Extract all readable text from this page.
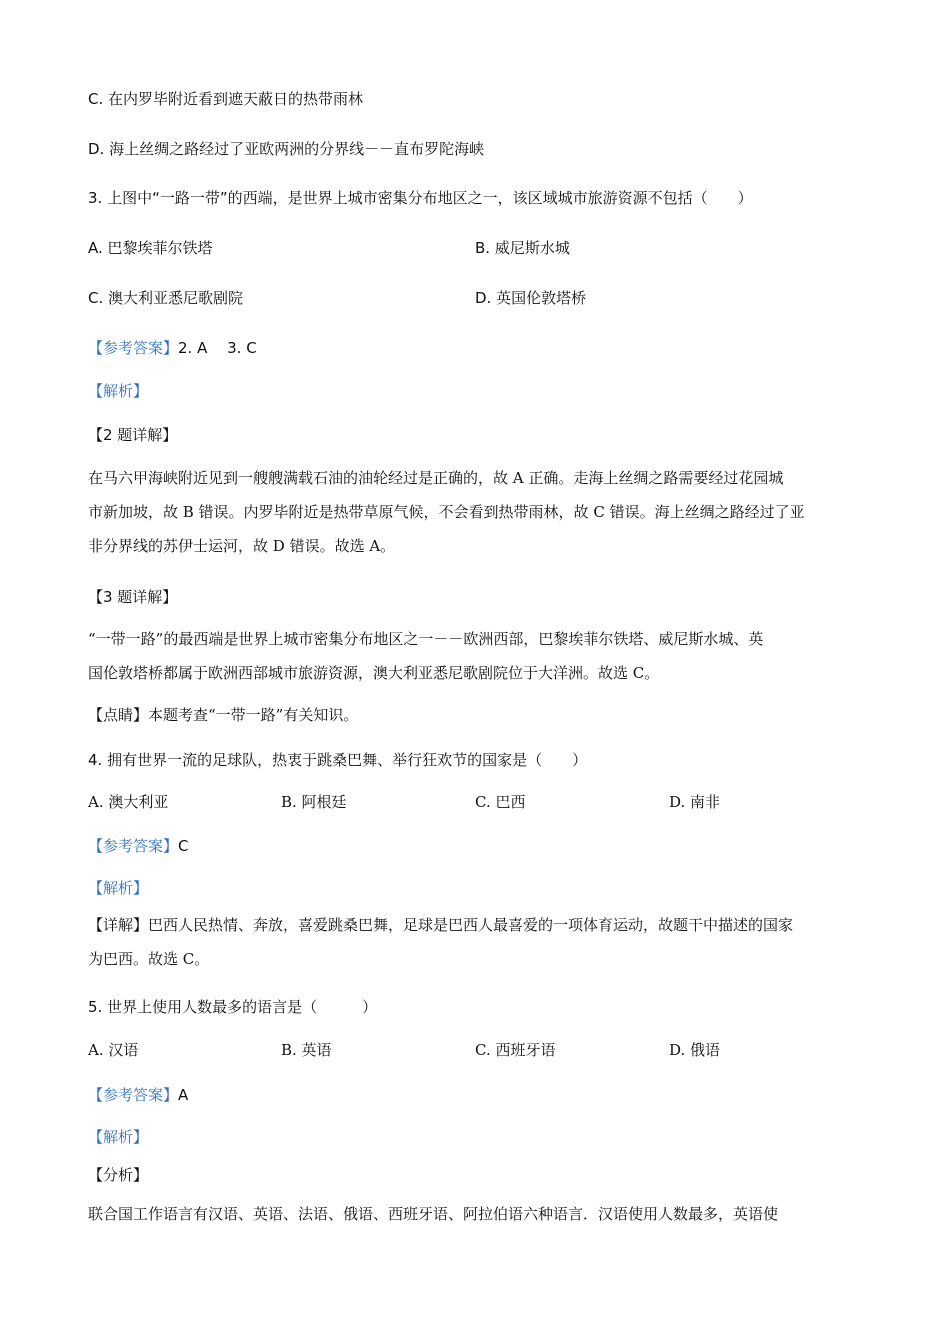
C. 在内罗毕附近看到遮天蔽日的热带雨林
D. 海上丝绸之路经过了亚欧两洲的分界线－－直布罗陀海峡
3. 上图中“一路一带”的西端，是世界上城市密集分布地区之一，该区域城市旅游资源不包括（　　）
A. 巴黎埃菲尔铁塔	B. 威尼斯水城
C. 澳大利亚悉尼歌剧院	D. 英国伦敦塔桥
【参考答案】2. A　 3. C
【解析】
【2 题详解】
在马六甲海峡附近见到一艘艘满载石油的油轮经过是正确的，故 A 正确。走海上丝绸之路需要经过花园城
市新加坡，故 B 错误。内罗毕附近是热带草原气候，不会看到热带雨林，故 C 错误。海上丝绸之路经过了亚
非分界线的苏伊士运河，故 D 错误。故选 A。
【3 题详解】
“一带一路”的最西端是世界上城市密集分布地区之一－－欧洲西部，巴黎埃菲尔铁塔、威尼斯水城、英
国伦敦塔桥都属于欧洲西部城市旅游资源，澳大利亚悉尼歌剧院位于大洋洲。故选 C。
【点睛】本题考查“一带一路”有关知识。
4. 拥有世界一流的足球队，热衷于跳桑巴舞、举行狂欢节的国家是（　　）
A. 澳大利亚	B. 阿根廷	C. 巴西	D. 南非
【参考答案】C
【解析】
【详解】巴西人民热情、奔放，喜爱跳桑巴舞，足球是巴西人最喜爱的一项体育运动，故题干中描述的国家
为巴西。故选 C。
5. 世界上使用人数最多的语言是（　　　）
A. 汉语	B. 英语	C. 西班牙语	D. 俄语
【参考答案】A
【解析】
【分析】
联合国工作语言有汉语、英语、法语、俄语、西班牙语、阿拉伯语六种语言．汉语使用人数最多，英语使
